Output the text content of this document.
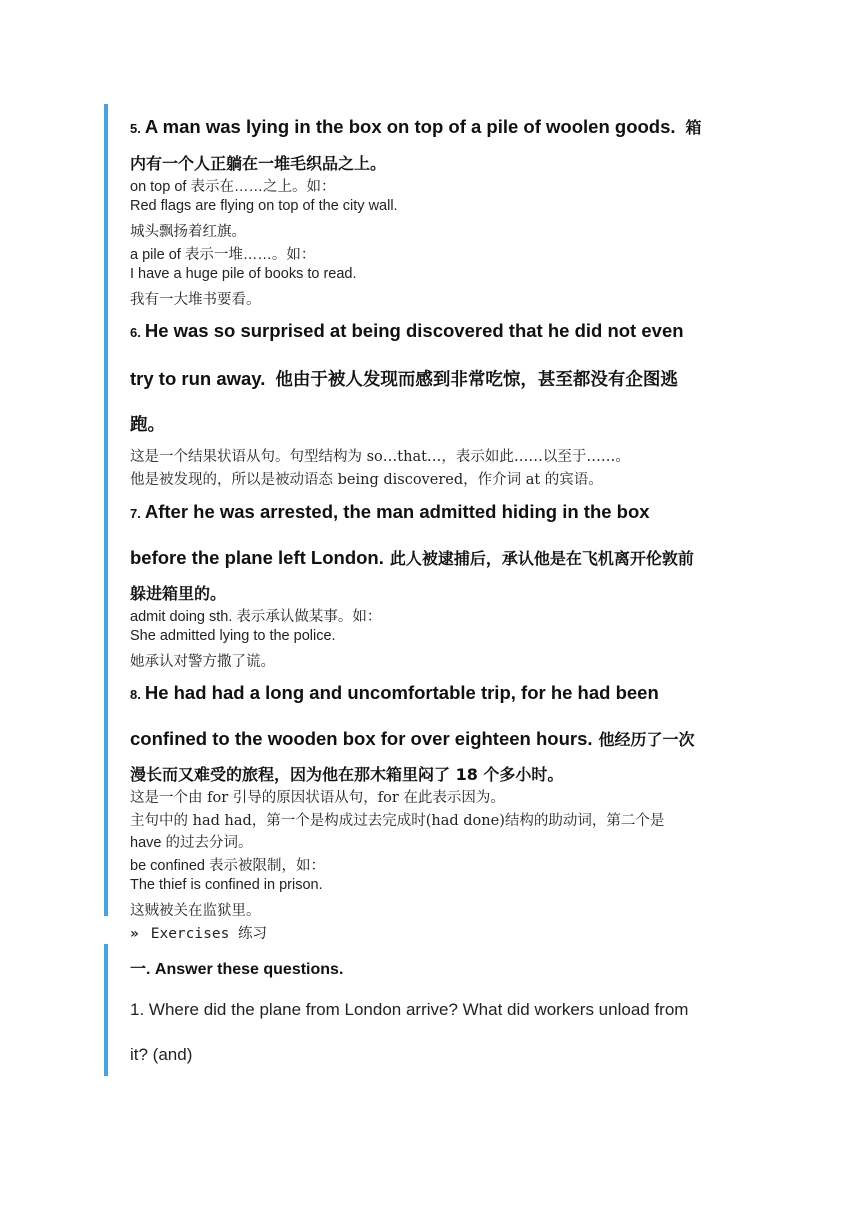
5. A man was lying in the box on top of a pile of woolen goods. 箱
内有一个人正躺在一堆毛织品之上。
on top of 表示在……之上。如：
Red flags are flying on top of the city wall.
城头飘扬着红旗。
a pile of 表示一堆……。如：
I have a huge pile of books to read.
我有一大堆书要看。
6. He was so surprised at being discovered that he did not even
try to run away. 他由于被人发现而感到非常吃惊，甚至都没有企图逃
跑。
这是一个结果状语从句。句型结构为 so…that…，表示如此……以至于……。
他是被发现的，所以是被动语态 being discovered，作介词 at 的宾语。
7. After he was arrested, the man admitted hiding in the box
before the plane left London. 此人被逮捕后，承认他是在飞机离开伦敦前
躲进箱里的。
admit doing sth. 表示承认做某事。如：
She admitted lying to the police.
她承认对警方撒了谎。
8. He had had a long and uncomfortable trip, for he had been
confined to the wooden box for over eighteen hours. 他经历了一次
漫长而又难受的旅程，因为他在那木箱里闷了 18 个多小时。
这是一个由 for 引导的原因状语从句，for 在此表示因为。
主句中的 had had，第一个是构成过去完成时(had done)结构的助动词，第二个是
have 的过去分词。
be confined 表示被限制，如：
The thief is confined in prison.
这贼被关在监狱里。
» Exercises 练习
一. Answer these questions.
1. Where did the plane from London arrive? What did workers unload from
it? (and)
